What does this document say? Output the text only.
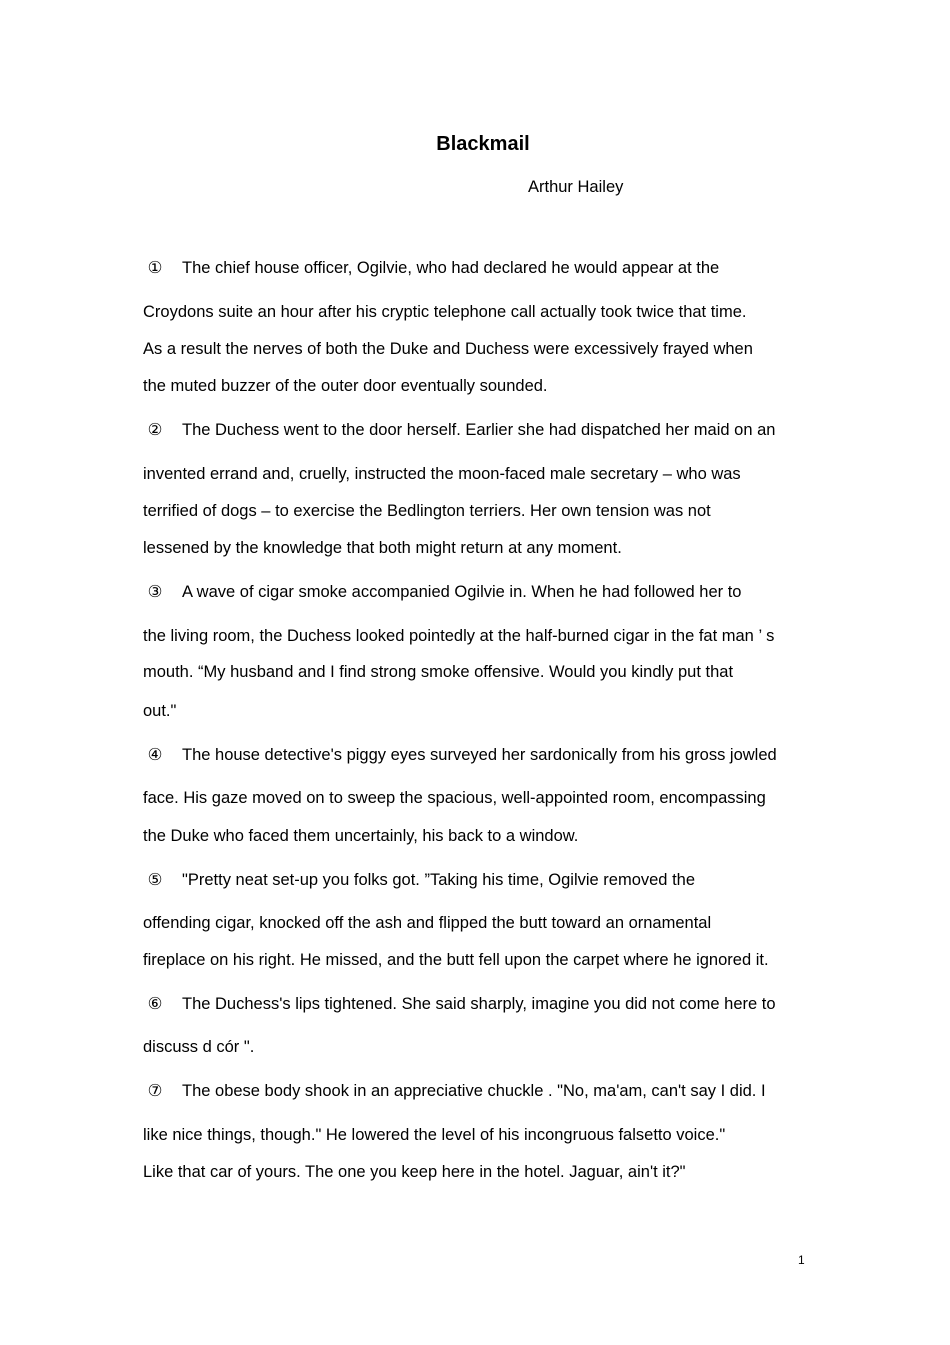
Blackmail
Arthur Hailey
① The chief house officer, Ogilvie, who had declared he would appear at the
Croydons suite an hour after his cryptic telephone call actually took twice that time.
As a result the nerves of both the Duke and Duchess were excessively frayed when
the muted buzzer of the outer door eventually sounded.
② The Duchess went to the door herself. Earlier she had dispatched her maid on an
invented errand and, cruelly, instructed the moon-faced male secretary – who was
terrified of dogs – to exercise the Bedlington terriers. Her own tension was not
lessened by the knowledge that both might return at any moment.
③ A wave of cigar smoke accompanied Ogilvie in. When he had followed her to
the living room, the Duchess looked pointedly at the half-burned cigar in the fat man ’ s
mouth. “My husband and I find strong smoke offensive. Would you kindly put that
out."
④ The house detective's piggy eyes surveyed her sardonically from his gross jowled
face. His gaze moved on to sweep the spacious, well-appointed room, encompassing
the Duke who faced them uncertainly, his back to a window.
⑤ "Pretty neat set-up you folks got. ”Taking his time, Ogilvie removed the
offending cigar, knocked off the ash and flipped the butt toward an ornamental
fireplace on his right. He missed, and the butt fell upon the carpet where he ignored it.
⑥ The Duchess's lips tightened. She said sharply, imagine you did not come here to
discuss d cór ".
⑦ The obese body shook in an appreciative chuckle . "No, ma'am, can't say I did. I
like nice things, though." He lowered the level of his incongruous falsetto voice."
Like that car of yours. The one you keep here in the hotel. Jaguar, ain't it?"
1
